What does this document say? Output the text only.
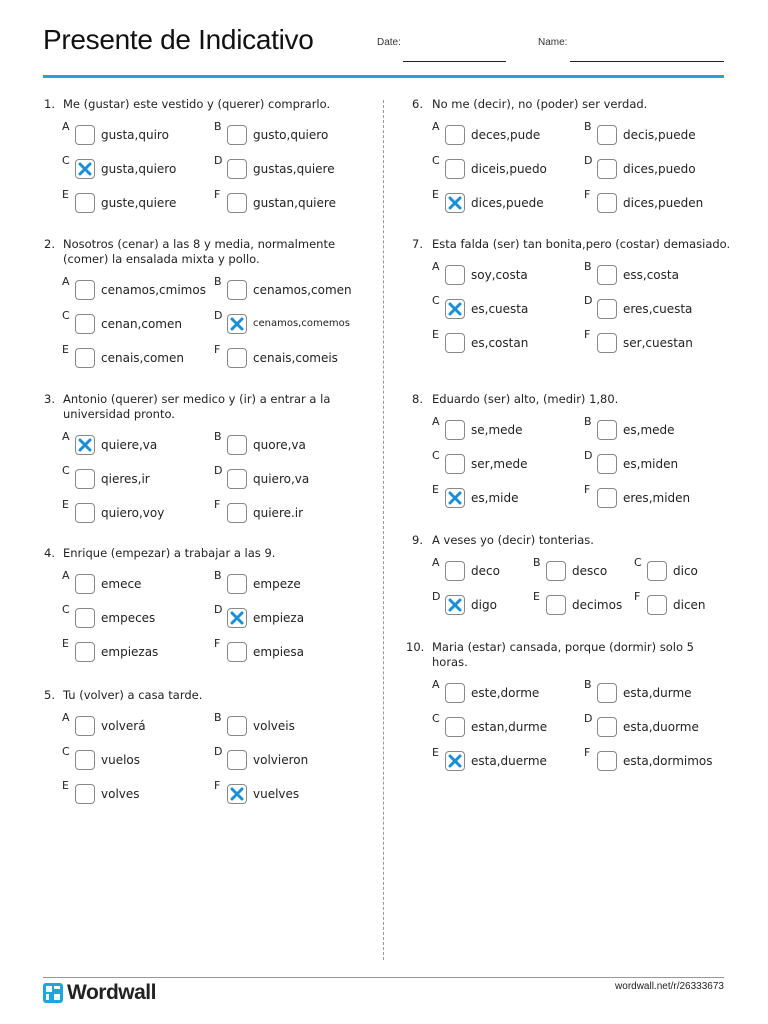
Presente de Indicativo	Date:	Name:
1. Me (gustar) este vestido y (querer) comprarlo.
A
gusta,quiro
B
gusto,quiero
C
gusta,quiero
D
gustas,quiere
E
guste,quiere
F
gustan,quiere
2. Nosotros (cenar) a las 8 y media, normalmente
(comer) la ensalada mixta y pollo.
A
cenamos,cmimos
B
cenamos,comen
C
cenan,comen
D
cenamos,comemos
E
cenais,comen
F
cenais,comeis
3. Antonio (querer) ser medico y (ir) a entrar a la
universidad pronto.
A
quiere,va
B
quore,va
C
qieres,ir
D
quiero,va
E
quiero,voy
F
quiere.ir
4. Enrique (empezar) a trabajar a las 9.
A
emece
B
empeze
C
empeces
D
empieza
E
empiezas
F
empiesa
5. Tu (volver) a casa tarde.
A
volverá
B
volveis
C
vuelos
D
volvieron
E
volves
F
vuelves
6. No me (decir), no (poder) ser verdad.
A
deces,pude
B
decis,puede
C
diceis,puedo
D
dices,puedo
E
dices,puede
F
dices,pueden
7. Esta falda (ser) tan bonita,pero (costar) demasiado.
A
soy,costa
B
ess,costa
C
es,cuesta
D
eres,cuesta
E
es,costan
F
ser,cuestan
8. Eduardo (ser) alto, (medir) 1,80.
A
se,mede
B
es,mede
C
ser,mede
D
es,miden
E
es,mide
F
eres,miden
9. A veses yo (decir) tonterias.
A
deco
B
desco
C
dico
D
digo
E
decimos
F
dicen
10. Maria (estar) cansada, porque (dormir) solo 5
horas.
A
este,dorme
B
esta,durme
C
estan,durme
D
esta,duorme
E
esta,duerme
F
esta,dormimos
Wordwall	wordwall.net/r/26333673
